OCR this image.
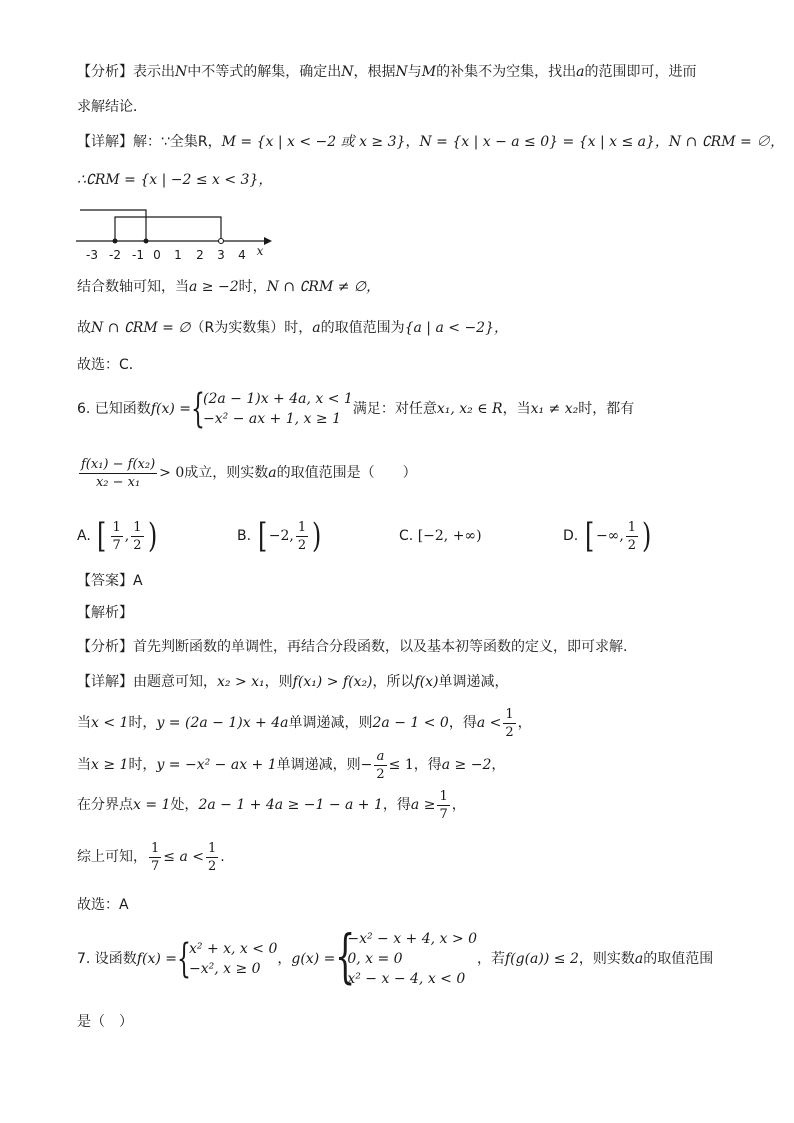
【分析】表示出N中不等式的解集，确定出N，根据N与M的补集不为空集，找出a的范围即可，进而
求解结论．
【详解】解：∵全集R，M = {x | x < −2 或 x ≥ 3}，N = {x | x − a ≤ 0} = {x | x ≤ a}，N ∩ ∁RM = ∅，
∴∁RM = {x | −2 ≤ x < 3}，
-3 -2 -1 0 1 2 3 4 x
结合数轴可知，当a ≥ −2时，N ∩ ∁RM ≠ ∅，
故N ∩ ∁RM = ∅（R为实数集）时，a的取值范围为{a | a < −2}，
故选：C．
6. 已知函数f(x) = {
(2a − 1)x + 4a, x < 1
−x² − ax + 1, x ≥ 1
满足：对任意x₁, x₂ ∈ R，当x₁ ≠ x₂时，都有
$\frac{\text{f(x₁) − f(x₂)}}{\text{x₂ − x₁}} > 0$成立，则实数a的取值范围是（　　）
A. [ $\frac{1}{7}$ , $\frac{1}{2}$ )	B. [ −2, $\frac{1}{2}$ )	C. [−2, +∞)	D. [ −∞, $\frac{1}{2}$ )
【答案】A
【解析】
【分析】首先判断函数的单调性，再结合分段函数，以及基本初等函数的定义，即可求解.
【详解】由题意可知，x₂ > x₁，则f(x₁) > f(x₂)，所以f(x)单调递减，
当x < 1时，y = (2a − 1)x + 4a单调递减，则2a − 1 < 0，得$a < \frac{1}{2}$ ，
当x ≥ 1时，y = −x² − ax + 1单调递减，则− $\frac{a}{2} \le 1$，得a ≥ −2，
在分界点x = 1处，2a − 1 + 4a ≥ −1 − a + 1，得$a \ge \frac{1}{7}$ ，
综上可知， $\frac{1}{7} \le a < \frac{1}{2}$ .
故选：A
7. 设函数f(x) = {
x² + x, x < 0
−x², x ≥ 0
，g(x) = {
−x² − x + 4, x > 0
0, x = 0
x² − x − 4, x < 0
，若f(g(a)) ≤ 2，则实数a的取值范围
是（　）
